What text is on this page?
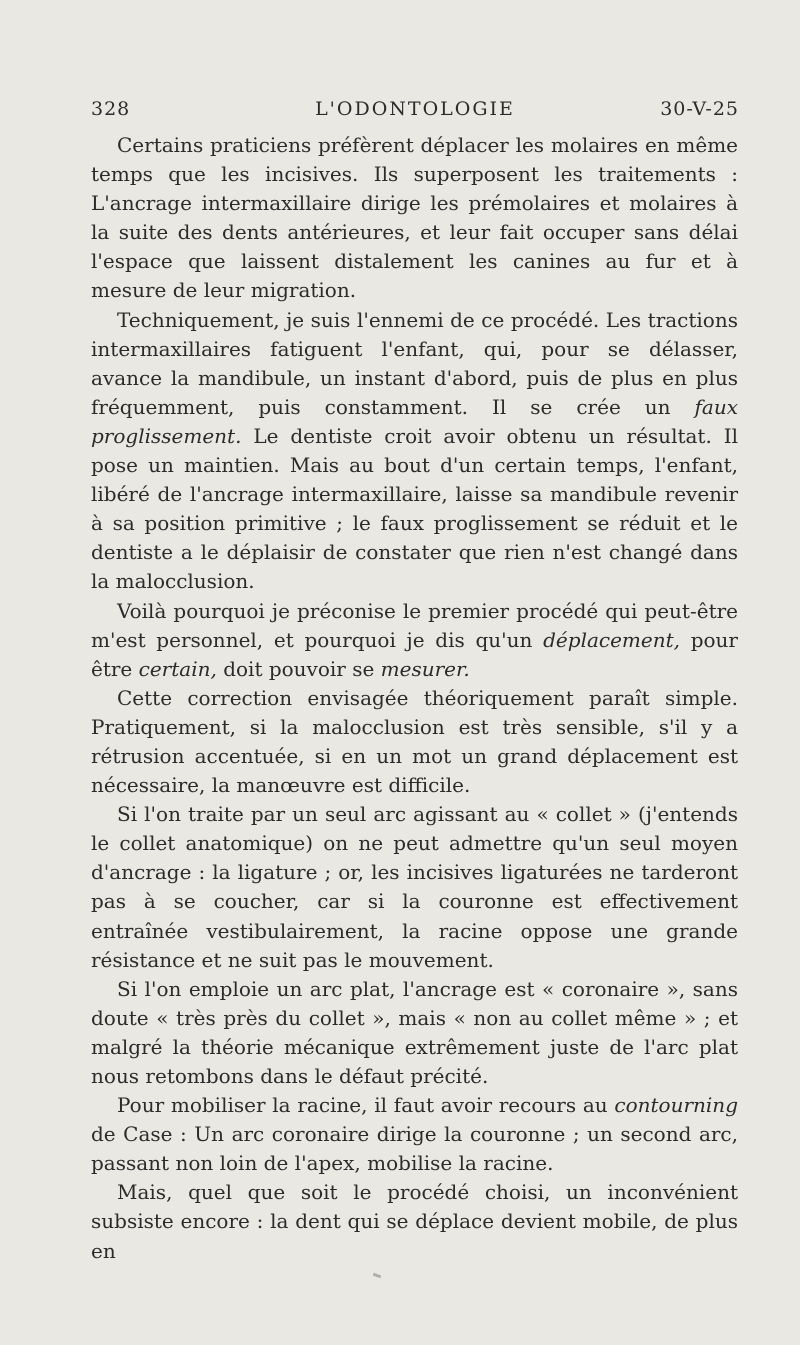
328	L'ODONTOLOGIE	30-V-25

Certains praticiens préfèrent déplacer les molaires en même temps que les incisives. Ils superposent les traitements : L'ancrage intermaxillaire dirige les prémolaires et molaires à la suite des dents antérieures, et leur fait occuper sans délai l'espace que laissent distalement les canines au fur et à mesure de leur migration.

Techniquement, je suis l'ennemi de ce procédé. Les tractions intermaxillaires fatiguent l'enfant, qui, pour se délasser, avance la mandibule, un instant d'abord, puis de plus en plus fréquemment, puis constamment. Il se crée un faux proglissement. Le dentiste croit avoir obtenu un résultat. Il pose un maintien. Mais au bout d'un certain temps, l'enfant, libéré de l'ancrage intermaxillaire, laisse sa mandibule revenir à sa position primitive ; le faux proglissement se réduit et le dentiste a le déplaisir de constater que rien n'est changé dans la malocclusion.

Voilà pourquoi je préconise le premier procédé qui peut-être m'est personnel, et pourquoi je dis qu'un déplacement, pour être certain, doit pouvoir se mesurer.

Cette correction envisagée théoriquement paraît simple. Pratiquement, si la malocclusion est très sensible, s'il y a rétrusion accentuée, si en un mot un grand déplacement est nécessaire, la manœuvre est difficile.

Si l'on traite par un seul arc agissant au « collet » (j'entends le collet anatomique) on ne peut admettre qu'un seul moyen d'ancrage : la ligature ; or, les incisives ligaturées ne tarderont pas à se coucher, car si la couronne est effectivement entraînée vestibulairement, la racine oppose une grande résistance et ne suit pas le mouvement.

Si l'on emploie un arc plat, l'ancrage est « coronaire », sans doute « très près du collet », mais « non au collet même » ; et malgré la théorie mécanique extrêmement juste de l'arc plat nous retombons dans le défaut précité.

Pour mobiliser la racine, il faut avoir recours au contourning de Case : Un arc coronaire dirige la couronne ; un second arc, passant non loin de l'apex, mobilise la racine.

Mais, quel que soit le procédé choisi, un inconvénient subsiste encore : la dent qui se déplace devient mobile, de plus en
